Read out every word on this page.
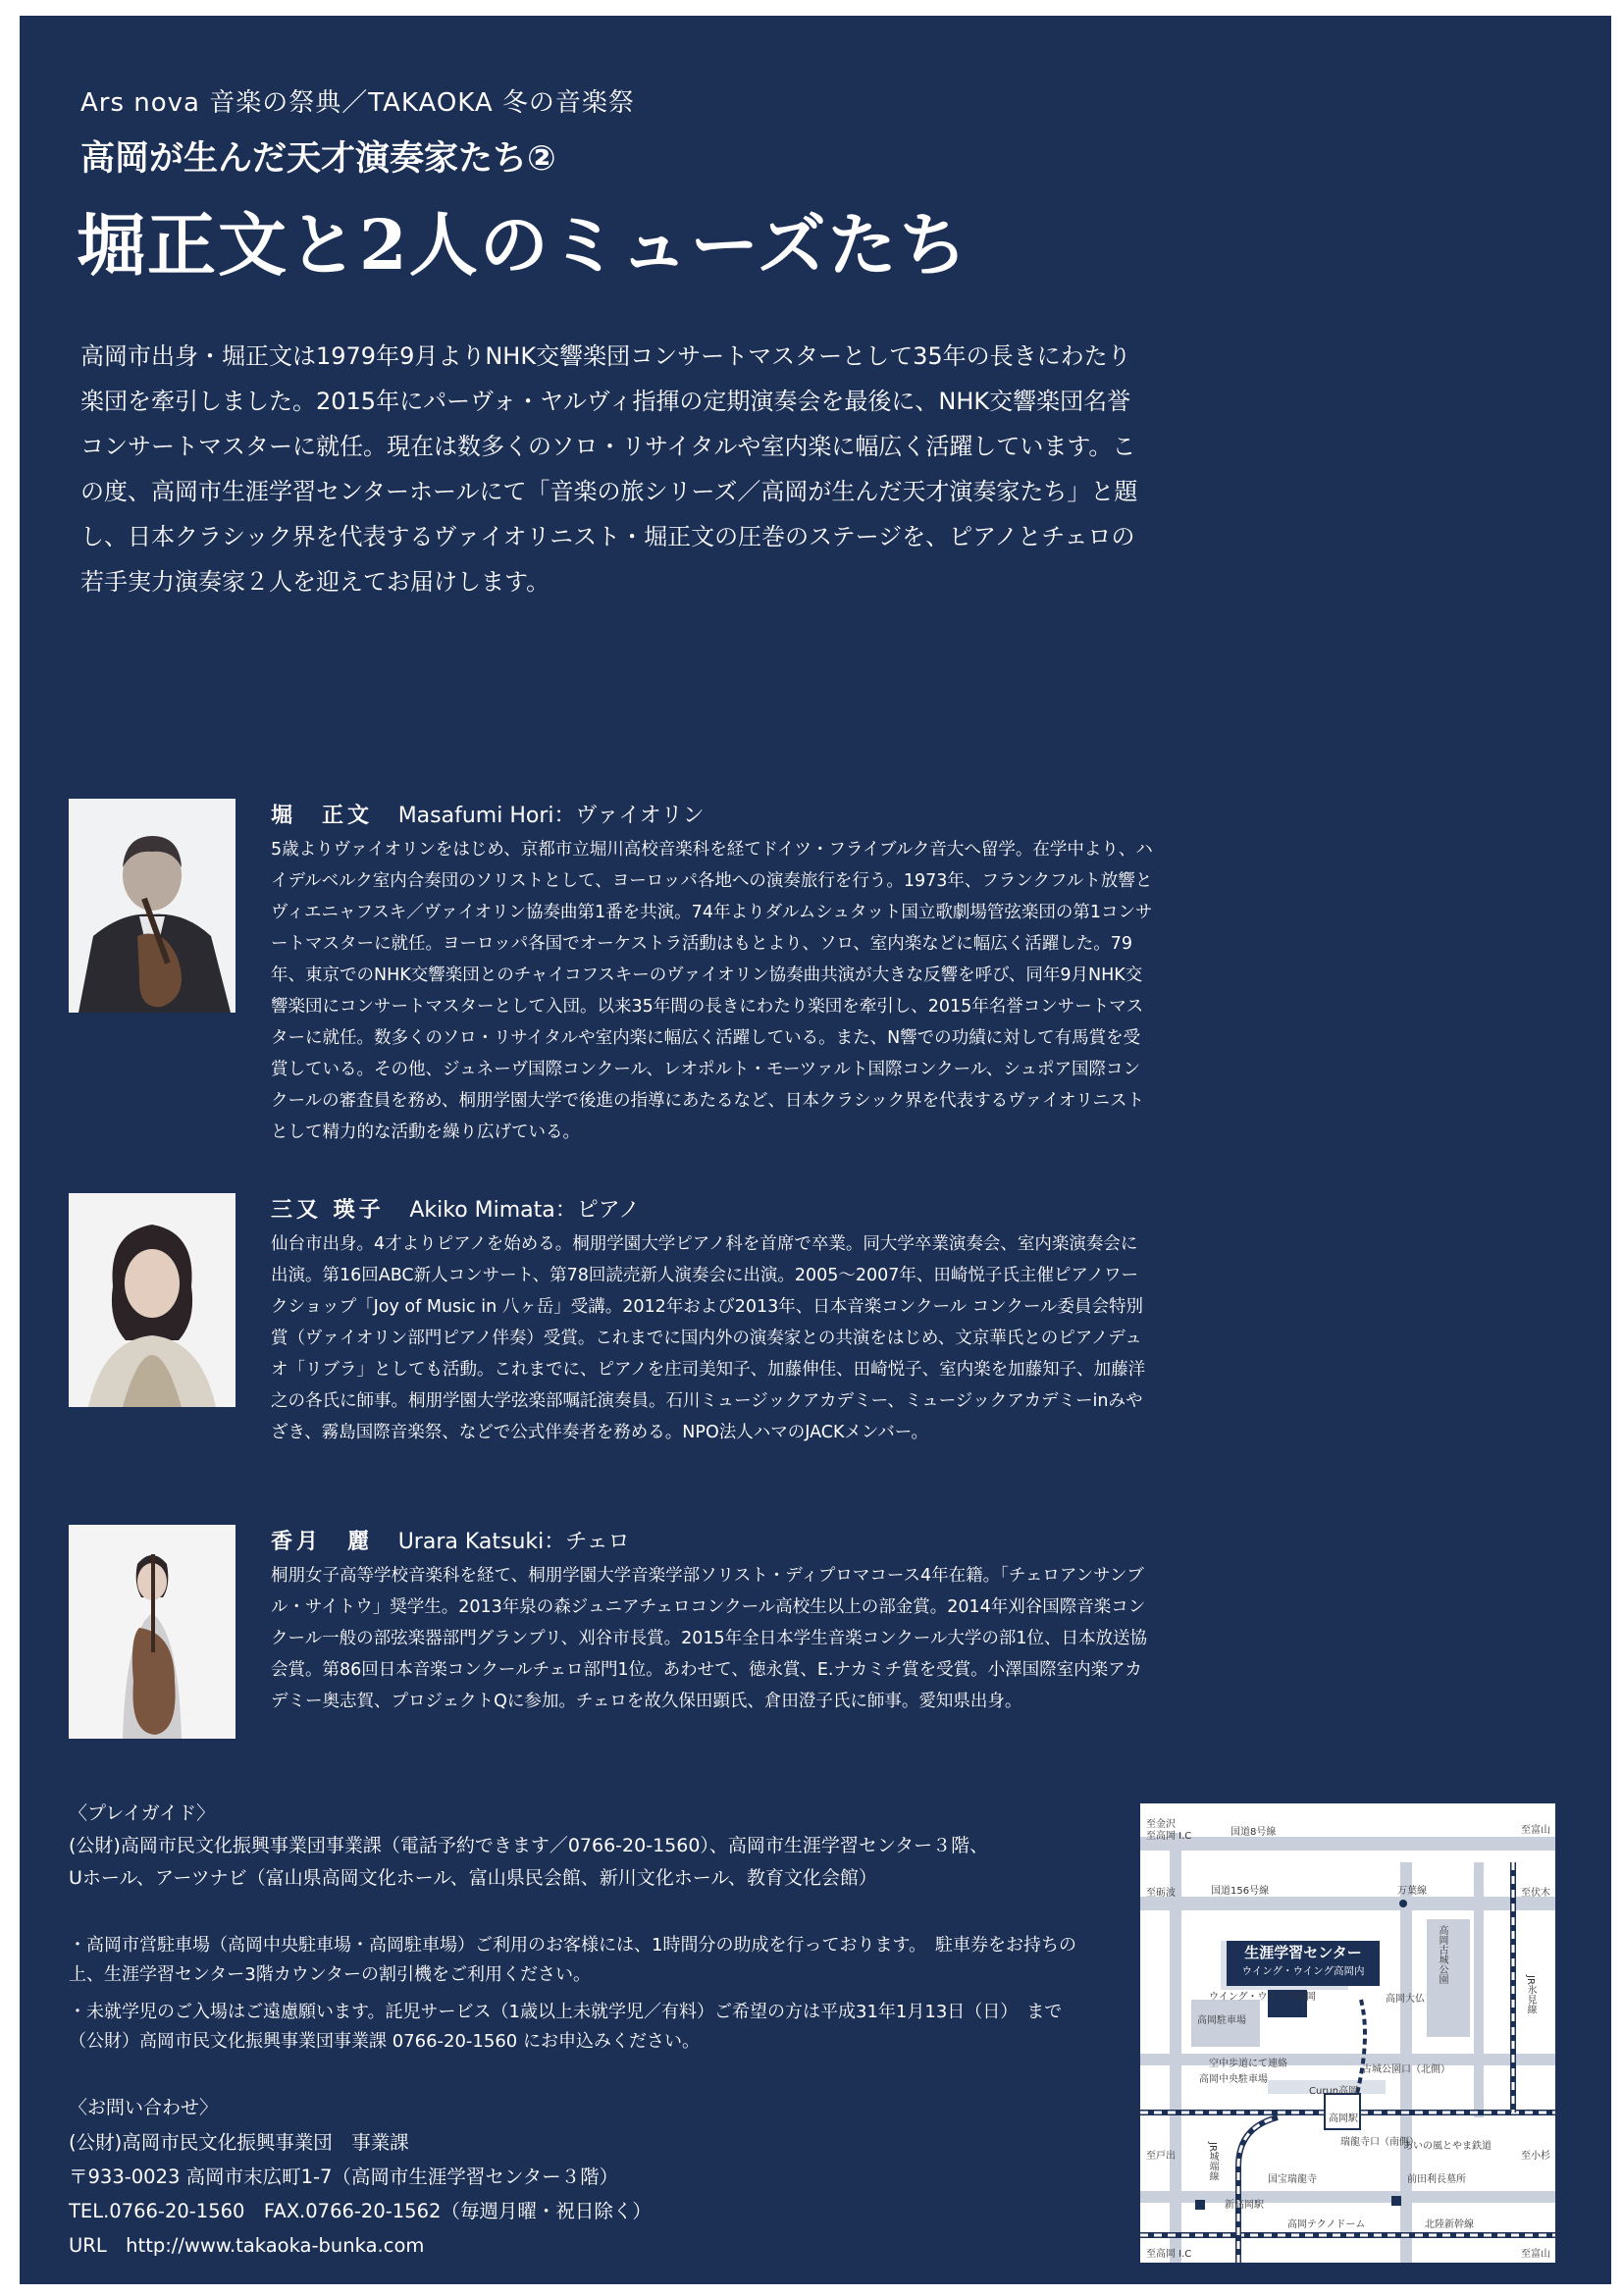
Ars nova 音楽の祭典／TAKAOKA 冬の音楽祭
高岡が生んだ天才演奏家たち②
堀正文と2人のミューズたち

高岡市出身・堀正文は1979年9月よりNHK交響楽団コンサートマスターとして35年の長きにわたり楽団を牽引しました。2015年にパーヴォ・ヤルヴィ指揮の定期演奏会を最後に、NHK交響楽団名誉コンサートマスターに就任。現在は数多くのソロ・リサイタルや室内楽に幅広く活躍しています。この度、高岡市生涯学習センターホールにて「音楽の旅シリーズ／高岡が生んだ天才演奏家たち」と題し、日本クラシック界を代表するヴァイオリニスト・堀正文の圧巻のステージを、ピアノとチェロの若手実力演奏家２人を迎えてお届けします。

堀　正文 Masafumi Hori：ヴァイオリン

5歳よりヴァイオリンをはじめ、京都市立堀川高校音楽科を経てドイツ・フライブルク音大へ留学。在学中より、ハイデルベルク室内合奏団のソリストとして、ヨーロッパ各地への演奏旅行を行う。1973年、フランクフルト放響とヴィエニャフスキ／ヴァイオリン協奏曲第1番を共演。74年よりダルムシュタット国立歌劇場管弦楽団の第1コンサートマスターに就任。ヨーロッパ各国でオーケストラ活動はもとより、ソロ、室内楽などに幅広く活躍した。79年、東京でのNHK交響楽団とのチャイコフスキーのヴァイオリン協奏曲共演が大きな反響を呼び、同年9月NHK交響楽団にコンサートマスターとして入団。以来35年間の長きにわたり楽団を牽引し、2015年名誉コンサートマスターに就任。数多くのソロ・リサイタルや室内楽に幅広く活躍している。また、N響での功績に対して有馬賞を受賞している。その他、ジュネーヴ国際コンクール、レオポルト・モーツァルト国際コンクール、シュポア国際コンクールの審査員を務め、桐朋学園大学で後進の指導にあたるなど、日本クラシック界を代表するヴァイオリニストとして精力的な活動を繰り広げている。

三又 瑛子 Akiko Mimata：ピアノ

仙台市出身。4才よりピアノを始める。桐朋学園大学ピアノ科を首席で卒業。同大学卒業演奏会、室内楽演奏会に出演。第16回ABC新人コンサート、第78回読売新人演奏会に出演。2005～2007年、田崎悦子氏主催ピアノワークショップ「Joy of Music in 八ヶ岳」受講。2012年および2013年、日本音楽コンクール コンクール委員会特別賞（ヴァイオリン部門ピアノ伴奏）受賞。これまでに国内外の演奏家との共演をはじめ、文京華氏とのピアノデュオ「リブラ」としても活動。これまでに、ピアノを庄司美知子、加藤伸佳、田崎悦子、室内楽を加藤知子、加藤洋之の各氏に師事。桐朋学園大学弦楽部嘱託演奏員。石川ミュージックアカデミー、ミュージックアカデミーinみやざき、霧島国際音楽祭、などで公式伴奏者を務める。NPO法人ハマのJACKメンバー。

香月　麗 Urara Katsuki：チェロ

桐朋女子高等学校音楽科を経て、桐朋学園大学音楽学部ソリスト・ディプロマコース4年在籍。「チェロアンサンブル・サイトウ」奨学生。2013年泉の森ジュニアチェロコンクール高校生以上の部金賞。2014年刈谷国際音楽コンクール一般の部弦楽器部門グランプリ、刈谷市長賞。2015年全日本学生音楽コンクール大学の部1位、日本放送協会賞。第86回日本音楽コンクールチェロ部門1位。あわせて、徳永賞、E.ナカミチ賞を受賞。小澤国際室内楽アカデミー奥志賀、プロジェクトQに参加。チェロを故久保田顕氏、倉田澄子氏に師事。愛知県出身。

〈プレイガイド〉

(公財)高岡市民文化振興事業団事業課（電話予約できます／0766-20-1560）、高岡市生涯学習センター３階、

Uホール、アーツナビ（富山県高岡文化ホール、富山県民会館、新川文化ホール、教育文化会館）

・高岡市営駐車場（高岡中央駐車場・高岡駐車場）ご利用のお客様には、1時間分の助成を行っております。　駐車券をお持ちの上、生涯学習センター3階カウンターの割引機をご利用ください。

・未就学児のご入場はご遠慮願います。託児サービス（1歳以上未就学児／有料）ご希望の方は平成31年1月13日（日）　まで（公財）高岡市民文化振興事業団事業課 0766-20-1560 にお申込みください。

〈お問い合わせ〉

(公財)高岡市民文化振興事業団　事業課

〒933-0023 高岡市末広町1-7（高岡市生涯学習センター３階）

TEL.0766-20-1560　FAX.0766-20-1562（毎週月曜・祝日除く）

URL　http://www.takaoka-bunka.com

生涯学習センター
ウイング・ウイング高岡内
至金沢
至高岡 I.C	国道8号線	至富山
国道156号線	万葉線
至砺波	至伏木
ウイング・ウイング高岡
高岡駐車場
高岡大仏
高岡古城公園
JR氷見線
空中歩道にて連絡
高岡中央駐車場
古城公園口（北側）
Curun高岡
高岡駅
瑞龍寺口（南側）
あいの風とやま鉄道
至戸出	至小杉
JR城端線	国宝瑞龍寺	前田利長墓所
新高岡駅
高岡テクノドーム	北陸新幹線
至高岡 I.C	至富山
